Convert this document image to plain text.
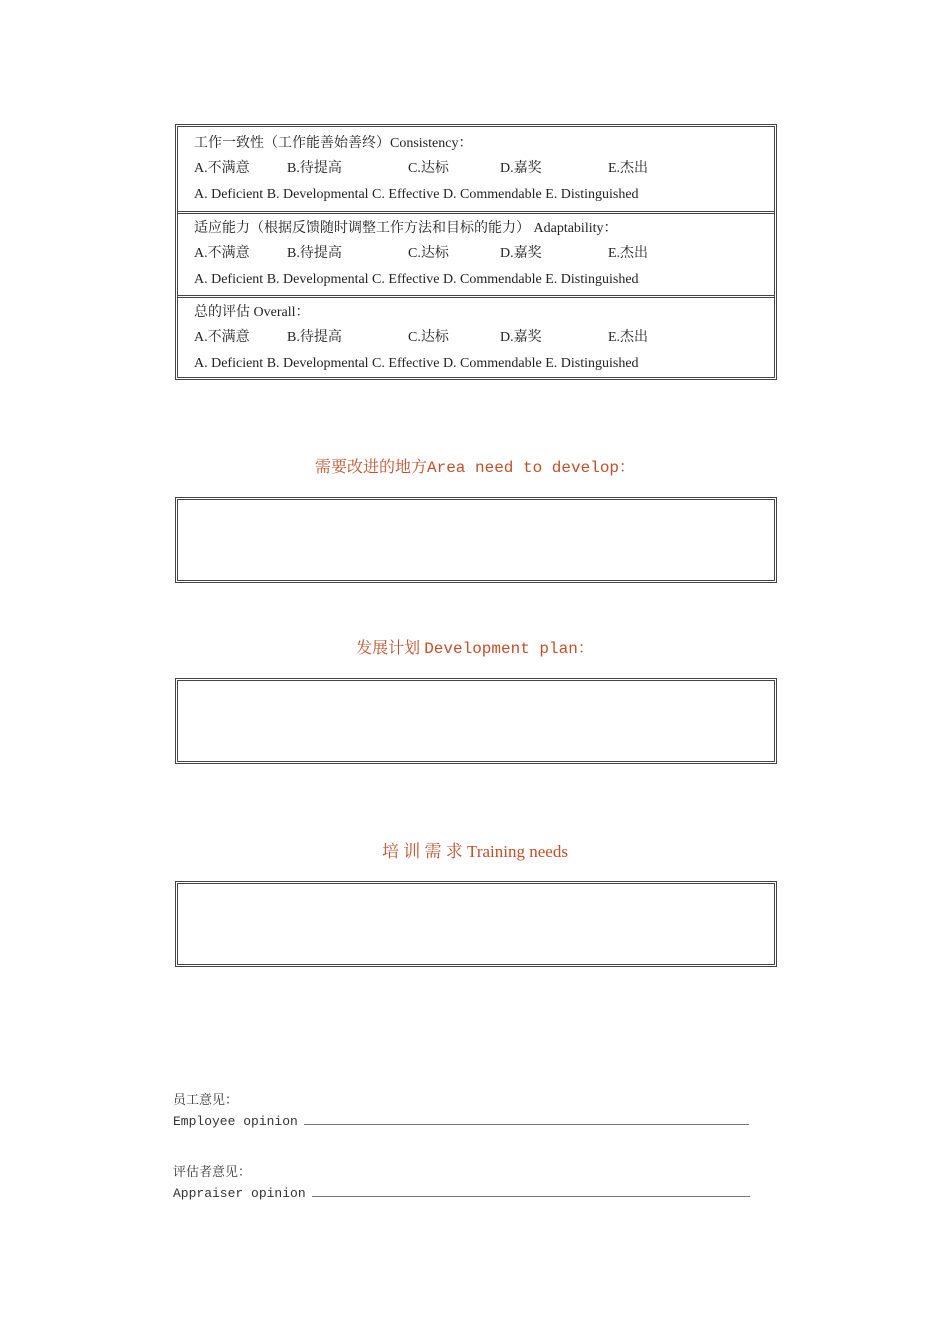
工作一致性（工作能善始善终）Consistency：
A.不满意	B.待提高	C.达标	D.嘉奖	E.杰出
A. Deficient B. Developmental C. Effective D. Commendable E. Distinguished
适应能力（根据反馈随时调整工作方法和目标的能力） Adaptability：
A.不满意	B.待提高	C.达标	D.嘉奖	E.杰出
A. Deficient B. Developmental C. Effective D. Commendable E. Distinguished
总的评估 Overall：
A.不满意	B.待提高	C.达标	D.嘉奖	E.杰出
A. Deficient B. Developmental C. Effective D. Commendable E. Distinguished
需要改进的地方Area need to develop：
发展计划 Development plan：
培 训 需 求 Training needs
员工意见：
Employee opinion
评估者意见：
Appraiser opinion
